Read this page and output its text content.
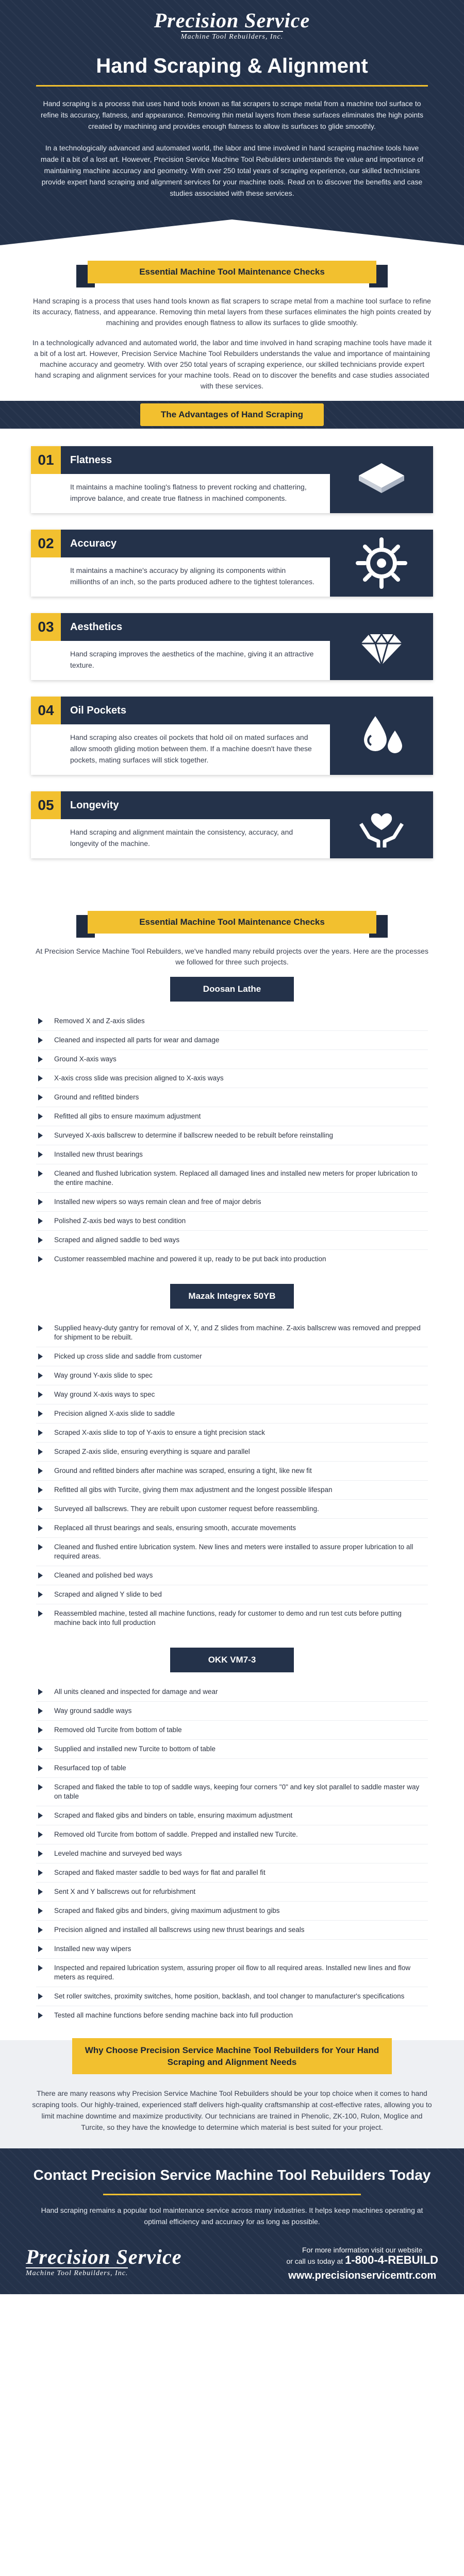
Precision Service
Machine Tool Rebuilders, Inc.
Hand Scraping & Alignment

Hand scraping is a process that uses hand tools known as flat scrapers to scrape metal from a machine tool surface to refine its accuracy, flatness, and appearance. Removing thin metal layers from these surfaces eliminates the high points created by machining and provides enough flatness to allow its surfaces to glide smoothly.

In a technologically advanced and automated world, the labor and time involved in hand scraping machine tools have made it a bit of a lost art. However, Precision Service Machine Tool Rebuilders understands the value and importance of maintaining machine accuracy and geometry. With over 250 total years of scraping experience, our skilled technicians provide expert hand scraping and alignment services for your machine tools. Read on to discover the benefits and case studies associated with these services.

Essential Machine Tool Maintenance Checks

Hand scraping is a process that uses hand tools known as flat scrapers to scrape metal from a machine tool surface to refine its accuracy, flatness, and appearance. Removing thin metal layers from these surfaces eliminates the high points created by machining and provides enough flatness to allow its surfaces to glide smoothly.

In a technologically advanced and automated world, the labor and time involved in hand scraping machine tools have made it a bit of a lost art. However, Precision Service Machine Tool Rebuilders understands the value and importance of maintaining machine accuracy and geometry. With over 250 total years of scraping experience, our skilled technicians provide expert hand scraping and alignment services for your machine tools. Read on to discover the benefits and case studies associated with these services.

The Advantages of Hand Scraping
01	Flatness
It maintains a machine tooling's flatness to prevent rocking and chattering, improve balance, and create true flatness in machined components.
02	Accuracy
It maintains a machine's accuracy by aligning its components within millionths of an inch, so the parts produced adhere to the tightest tolerances.
03	Aesthetics
Hand scraping improves the aesthetics of the machine, giving it an attractive texture.
04	Oil Pockets
Hand scraping also creates oil pockets that hold oil on mated surfaces and allow smooth gliding motion between them. If a machine doesn't have these pockets, mating surfaces will stick together.
05	Longevity
Hand scraping and alignment maintain the consistency, accuracy, and longevity of the machine.
Essential Machine Tool Maintenance Checks

At Precision Service Machine Tool Rebuilders, we've handled many rebuild projects over the years. Here are the processes we followed for three such projects.

Doosan Lathe
Removed X and Z-axis slides
Cleaned and inspected all parts for wear and damage
Ground X-axis ways
X-axis cross slide was precision aligned to X-axis ways
Ground and refitted binders
Refitted all gibs to ensure maximum adjustment
Surveyed X-axis ballscrew to determine if ballscrew needed to be rebuilt before reinstalling
Installed new thrust bearings
Cleaned and flushed lubrication system. Replaced all damaged lines and installed new meters for proper lubrication to the entire machine.
Installed new wipers so ways remain clean and free of major debris
Polished Z-axis bed ways to best condition
Scraped and aligned saddle to bed ways
Customer reassembled machine and powered it up, ready to be put back into production
Mazak Integrex 50YB
Supplied heavy-duty gantry for removal of X, Y, and Z slides from machine. Z-axis ballscrew was removed and prepped for shipment to be rebuilt.
Picked up cross slide and saddle from customer
Way ground Y-axis slide to spec
Way ground X-axis ways to spec
Precision aligned X-axis slide to saddle
Scraped X-axis slide to top of Y-axis to ensure a tight precision stack
Scraped Z-axis slide, ensuring everything is square and parallel
Ground and refitted binders after machine was scraped, ensuring a tight, like new fit
Refitted all gibs with Turcite, giving them max adjustment and the longest possible lifespan
Surveyed all ballscrews. They are rebuilt upon customer request before reassembling.
Replaced all thrust bearings and seals, ensuring smooth, accurate movements
Cleaned and flushed entire lubrication system. New lines and meters were installed to assure proper lubrication to all required areas.
Cleaned and polished bed ways
Scraped and aligned Y slide to bed
Reassembled machine, tested all machine functions, ready for customer to demo and run test cuts before putting machine back into full production
OKK VM7-3
All units cleaned and inspected for damage and wear
Way ground saddle ways
Removed old Turcite from bottom of table
Supplied and installed new Turcite to bottom of table
Resurfaced top of table
Scraped and flaked the table to top of saddle ways, keeping four corners "0" and key slot parallel to saddle master way on table
Scraped and flaked gibs and binders on table, ensuring maximum adjustment
Removed old Turcite from bottom of saddle. Prepped and installed new Turcite.
Leveled machine and surveyed bed ways
Scraped and flaked master saddle to bed ways for flat and parallel fit
Sent X and Y ballscrews out for refurbishment
Scraped and flaked gibs and binders, giving maximum adjustment to gibs
Precision aligned and installed all ballscrews using new thrust bearings and seals
Installed new way wipers
Inspected and repaired lubrication system, assuring proper oil flow to all required areas. Installed new lines and flow meters as required.
Set roller switches, proximity switches, home position, backlash, and tool changer to manufacturer's specifications
Tested all machine functions before sending machine back into full production
Why Choose Precision Service Machine Tool Rebuilders for Your Hand Scraping and Alignment Needs

There are many reasons why Precision Service Machine Tool Rebuilders should be your top choice when it comes to hand scraping tools. Our highly-trained, experienced staff delivers high-quality craftsmanship at cost-effective rates, allowing you to limit machine downtime and maximize productivity. Our technicians are trained in Phenolic, ZK-100, Rulon, Moglice and Turcite, so they have the knowledge to determine which material is best suited for your project.

Contact Precision Service Machine Tool Rebuilders Today

Hand scraping remains a popular tool maintenance service across many industries. It helps keep machines operating at optimal efficiency and accuracy for as long as possible.

Precision Service
Machine Tool Rebuilders, Inc.
For more information visit our website
or call us today at 1-800-4-REBUILD
www.precisionservicemtr.com
